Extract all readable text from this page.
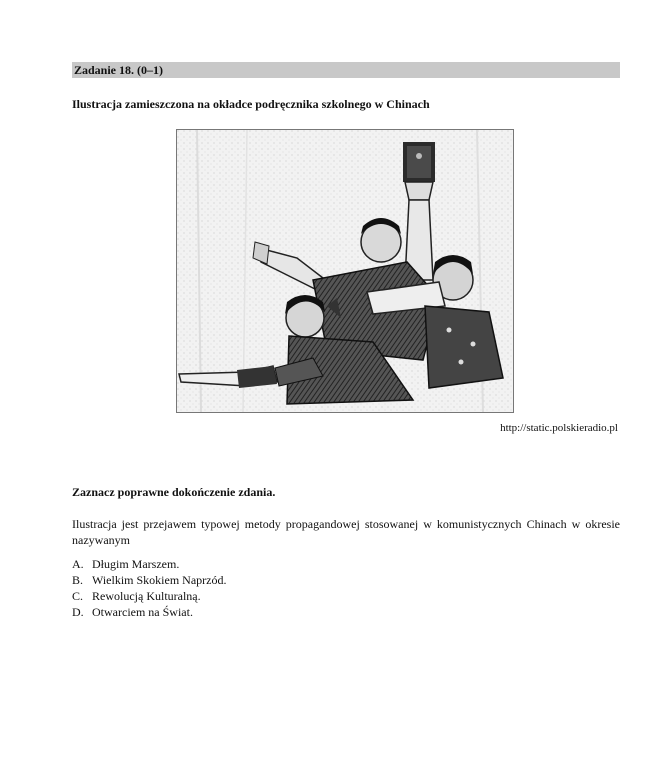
Zadanie 18. (0–1)
Ilustracja zamieszczona na okładce podręcznika szkolnego w Chinach
http://static.polskieradio.pl
Zaznacz poprawne dokończenie zdania.
Ilustracja jest przejawem typowej metody propagandowej stosowanej w komunistycznych Chinach w okresie nazywanym
A. Długim Marszem.
B. Wielkim Skokiem Naprzód.
C. Rewolucją Kulturalną.
D. Otwarciem na Świat.
